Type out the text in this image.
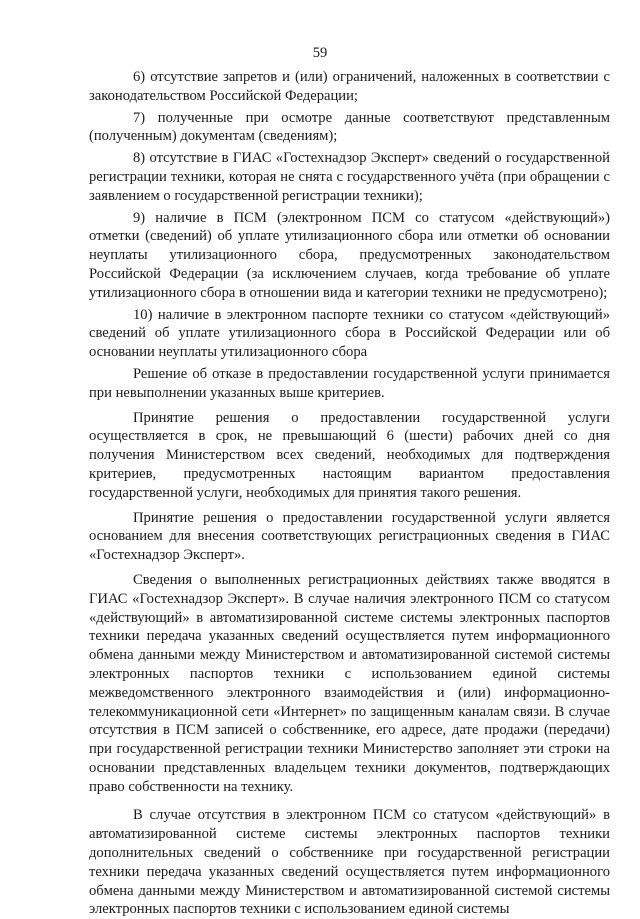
59

6) отсутствие запретов и (или) ограничений, наложенных в соответствии с законодательством Российской Федерации;

7) полученные при осмотре данные соответствуют представленным (полученным) документам (сведениям);

8) отсутствие в ГИАС «Гостехнадзор Эксперт» сведений о государственной регистрации техники, которая не снята с государственного учёта (при обращении с заявлением о государственной регистрации техники);

9) наличие в ПСМ (электронном ПСМ со статусом «действующий») отметки (сведений) об уплате утилизационного сбора или отметки об основании неуплаты утилизационного сбора, предусмотренных законодательством Российской Федерации (за исключением случаев, когда требование об уплате утилизационного сбора в отношении вида и категории техники не предусмотрено);

10) наличие в электронном паспорте техники со статусом «действующий» сведений об уплате утилизационного сбора в Российской Федерации или об основании неуплаты утилизационного сбора

Решение об отказе в предоставлении государственной услуги принимается при невыполнении указанных выше критериев.

Принятие решения о предоставлении государственной услуги осуществляется в срок, не превышающий 6 (шести) рабочих дней со дня получения Министерством всех сведений, необходимых для подтверждения критериев, предусмотренных настоящим вариантом предоставления государственной услуги, необходимых для принятия такого решения.

Принятие решения о предоставлении государственной услуги является основанием для внесения соответствующих регистрационных сведения в ГИАС «Гостехнадзор Эксперт».

Сведения о выполненных регистрационных действиях также вводятся в ГИАС «Гостехнадзор Эксперт». В случае наличия электронного ПСМ со статусом «действующий» в автоматизированной системе системы электронных паспортов техники передача указанных сведений осуществляется путем информационного обмена данными между Министерством и автоматизированной системой системы электронных паспортов техники с использованием единой системы межведомственного электронного взаимодействия и (или) информационно-телекоммуникационной сети «Интернет» по защищенным каналам связи. В случае отсутствия в ПСМ записей о собственнике, его адресе, дате продажи (передачи) при государственной регистрации техники Министерство заполняет эти строки на основании представленных владельцем техники документов, подтверждающих право собственности на технику.

В случае отсутствия в электронном ПСМ со статусом «действующий» в автоматизированной системе системы электронных паспортов техники дополнительных сведений о собственнике при государственной регистрации техники передача указанных сведений осуществляется путем информационного обмена данными между Министерством и автоматизированной системой системы электронных паспортов техники с использованием единой системы
